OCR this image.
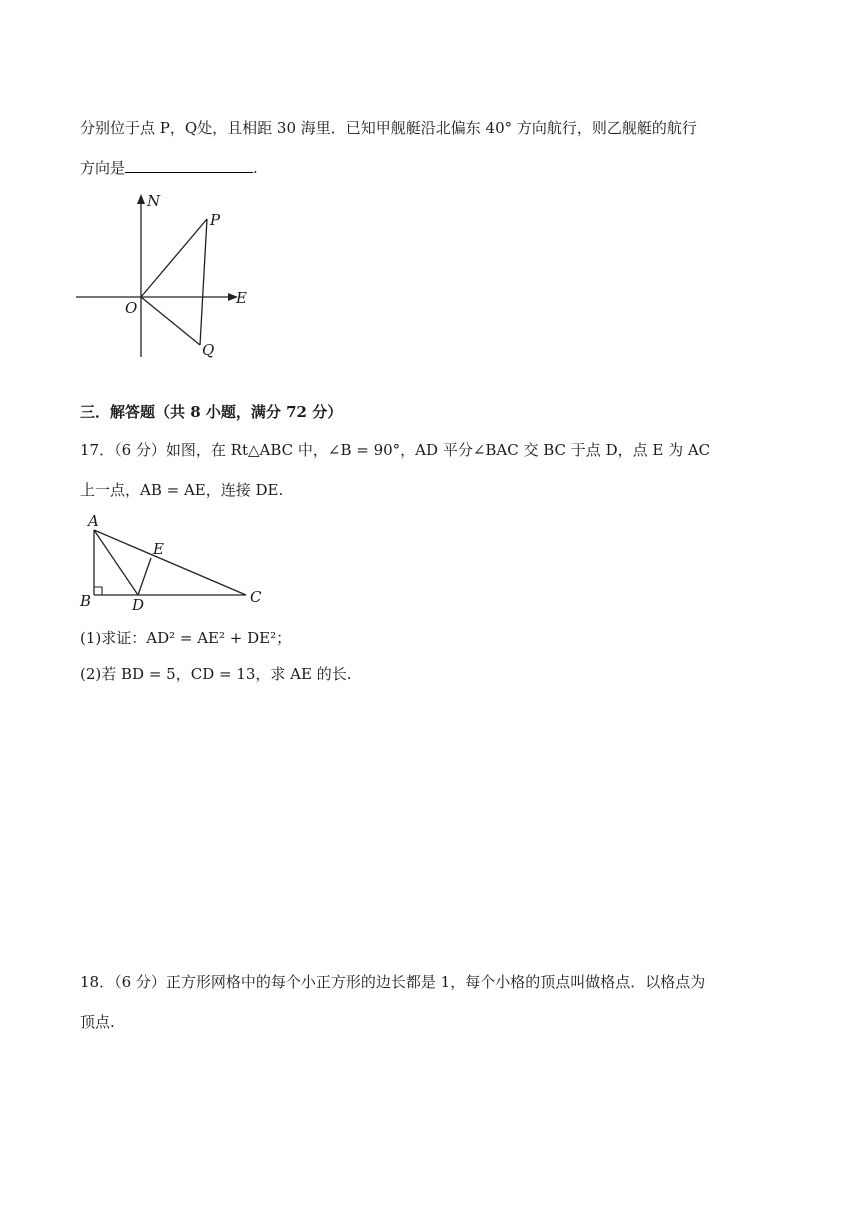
分别位于点 P，Q处，且相距 30 海里．已知甲舰艇沿北偏东 40° 方向航行，则乙舰艇的航行
方向是	.
N
P
O
E
Q
三．解答题（共 8 小题，满分 72 分）
17．（6 分）如图，在 Rt△ABC 中，∠B = 90°，AD 平分∠BAC 交 BC 于点 D，点 E 为 AC
上一点，AB = AE，连接 DE.
A
E
B	D	C
(1)求证：AD² = AE² + DE²；
(2)若 BD = 5，CD = 13，求 AE 的长.
18．（6 分）正方形网格中的每个小正方形的边长都是 1，每个小格的顶点叫做格点．以格点为
顶点.
